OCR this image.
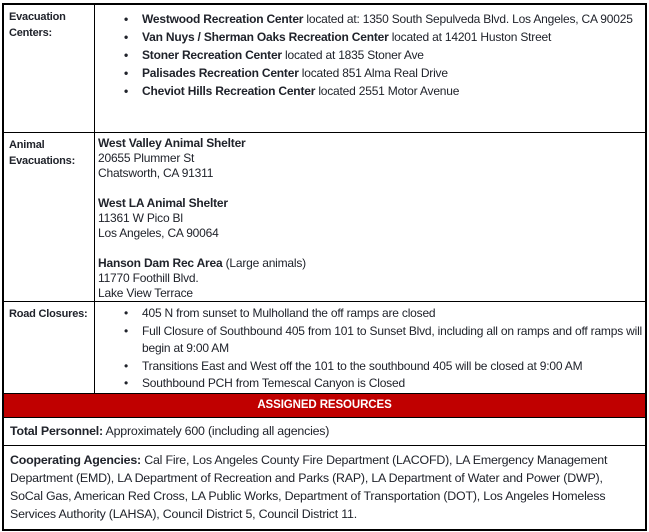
Evacuation Centers:
• Westwood Recreation Center located at: 1350 South Sepulveda Blvd. Los Angeles, CA 90025
• Van Nuys / Sherman Oaks Recreation Center located at 14201 Huston Street
• Stoner Recreation Center located at 1835 Stoner Ave
• Palisades Recreation Center located 851 Alma Real Drive
• Cheviot Hills Recreation Center located 2551 Motor Avenue
Animal Evacuations:
West Valley Animal Shelter
20655 Plummer St
Chatsworth, CA 91311
West LA Animal Shelter
11361 W Pico Bl
Los Angeles, CA 90064
Hanson Dam Rec Area (Large animals)
11770 Foothill Blvd.
Lake View Terrace
Road Closures:	• 405 N from sunset to Mulholland the off ramps are closed
• Full Closure of Southbound 405 from 101 to Sunset Blvd, including all on ramps and off ramps will begin at 9:00 AM
• Transitions East and West off the 101 to the southbound 405 will be closed at 9:00 AM
• Southbound PCH from Temescal Canyon is Closed
ASSIGNED RESOURCES
Total Personnel: Approximately 600 (including all agencies)
Cooperating Agencies: Cal Fire, Los Angeles County Fire Department (LACOFD), LA Emergency Management Department (EMD), LA Department of Recreation and Parks (RAP), LA Department of Water and Power (DWP), SoCal Gas, American Red Cross, LA Public Works, Department of Transportation (DOT), Los Angeles Homeless Services Authority (LAHSA), Council District 5, Council District 11.
